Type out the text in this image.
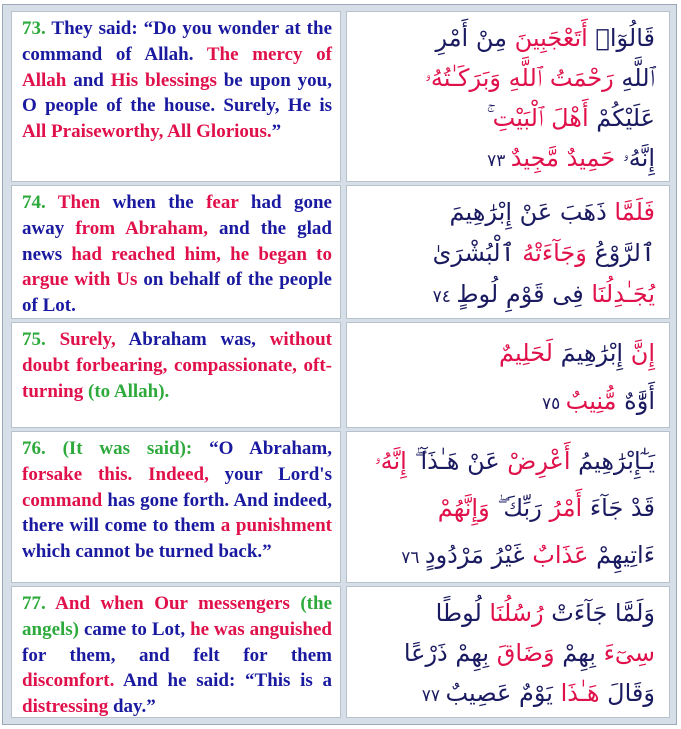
73. They said: “Do you wonder at the command of Allah. The mercy of Allah and His blessings be upon you, O people of the house. Surely, He is All Praiseworthy, All Glorious.”
قَالُوٓا۟ أَتَعْجَبِينَ مِنْ أَمْرِ
ٱللَّهِ رَحْمَتُ ٱللَّهِ وَبَرَكَـٰتُهُۥ
عَلَيْكُمْ أَهْلَ ٱلْبَيْتِ ۚ
إِنَّهُۥ حَمِيدٌ مَّجِيدٌ ٧٣
74. Then when the fear had gone away from Abraham, and the glad news had reached him, he began to argue with Us on behalf of the people of Lot.
فَلَمَّا ذَهَبَ عَنْ إِبْرَٰهِيمَ
ٱلرَّوْعُ وَجَآءَتْهُ ٱلْبُشْرَىٰ
يُجَـٰدِلُنَا فِى قَوْمِ لُوطٍ ٧٤
75. Surely, Abraham was, without doubt forbearing, compassionate, oft-turning (to Allah).
إِنَّ إِبْرَٰهِيمَ لَحَلِيمٌ
أَوَّٰهٌ مُّنِيبٌ ٧٥
76. (It was said): “O Abraham, forsake this. Indeed, your Lord's command has gone forth. And indeed, there will come to them a punishment which cannot be turned back.”
يَـٰٓإِبْرَٰهِيمُ أَعْرِضْ عَنْ هَـٰذَآ ۖ إِنَّهُۥ
قَدْ جَآءَ أَمْرُ رَبِّكَ ۖ وَإِنَّهُمْ
ءَاتِيهِمْ عَذَابٌ غَيْرُ مَرْدُودٍ ٧٦
77. And when Our messengers (the angels) came to Lot, he was anguished for them, and felt for them discomfort. And he said: “This is a distressing day.”
وَلَمَّا جَآءَتْ رُسُلُنَا لُوطًا
سِىٓءَ بِهِمْ وَضَاقَ بِهِمْ ذَرْعًا
وَقَالَ هَـٰذَا يَوْمٌ عَصِيبٌ ٧٧
